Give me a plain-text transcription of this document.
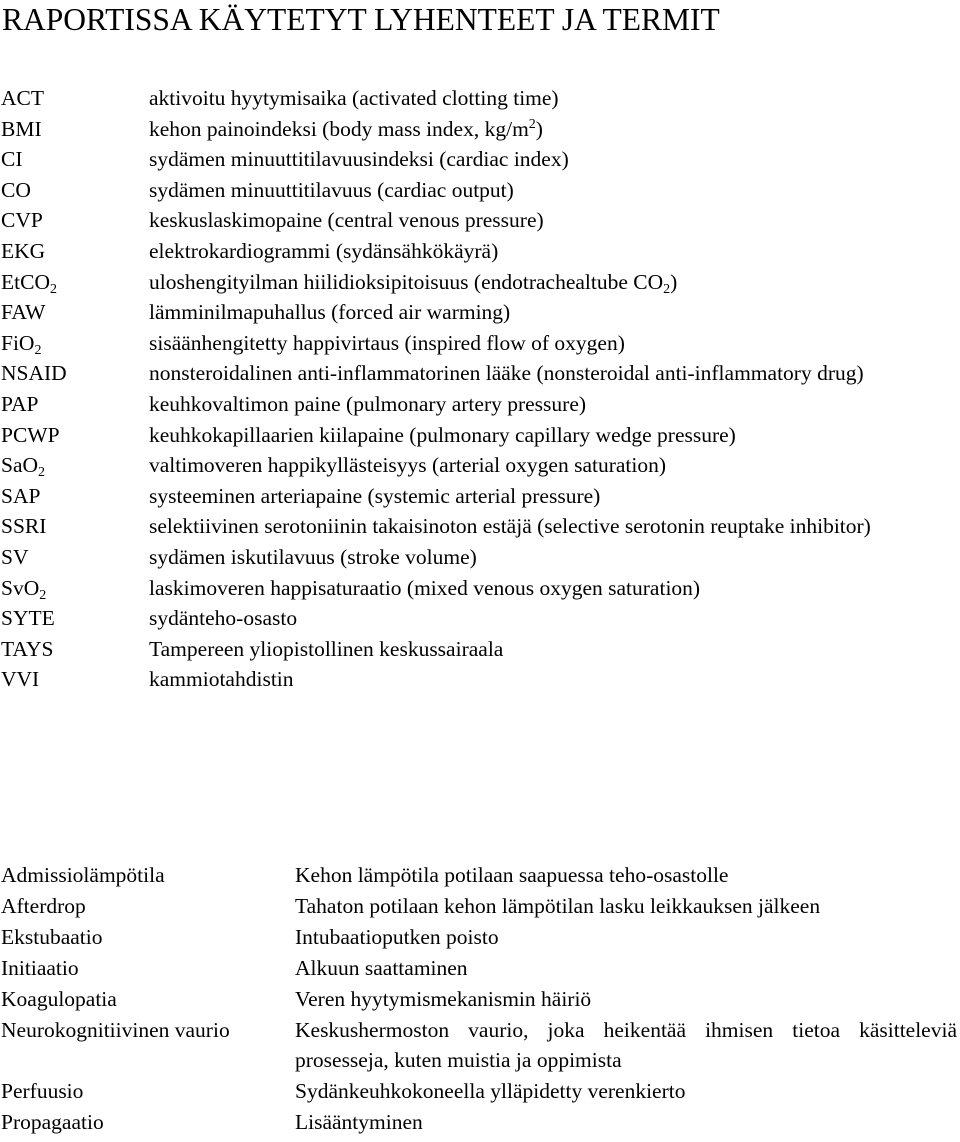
RAPORTISSA KÄYTETYT LYHENTEET JA TERMIT
ACT	aktivoitu hyytymisaika (activated clotting time)
BMI	kehon painoindeksi (body mass index, $kg/m^2$)
CI	sydämen minuuttitilavuusindeksi (cardiac index)
CO	sydämen minuuttitilavuus (cardiac output)
CVP	keskuslaskimopaine (central venous pressure)
EKG	elektrokardiogrammi (sydänsähkökäyrä)
EtCO$_2$	uloshengityilman hiilidioksipitoisuus (endotrachealtube $CO_2$)
FAW	lämminilmapuhallus (forced air warming)
FiO$_2$	sisäänhengitetty happivirtaus (inspired flow of oxygen)
NSAID	nonsteroidalinen anti-inflammatorinen lääke (nonsteroidal anti-inflammatory drug)
PAP	keuhkovaltimon paine (pulmonary artery pressure)
PCWP	keuhkokapillaarien kiilapaine (pulmonary capillary wedge pressure)
SaO$_2$	valtimoveren happikyllästeisyys (arterial oxygen saturation)
SAP	systeeminen arteriapaine (systemic arterial pressure)
SSRI	selektiivinen serotoniinin takaisinoton estäjä (selective serotonin reuptake inhibitor)
SV	sydämen iskutilavuus (stroke volume)
SvO$_2$	laskimoveren happisaturaatio (mixed venous oxygen saturation)
SYTE	sydänteho-osasto
TAYS	Tampereen yliopistollinen keskussairaala
VVI	kammiotahdistin
Admissiolämpötila	Kehon lämpötila potilaan saapuessa teho-osastolle
Afterdrop	Tahaton potilaan kehon lämpötilan lasku leikkauksen jälkeen
Ekstubaatio	Intubaatioputken poisto
Initiaatio	Alkuun saattaminen
Koagulopatia	Veren hyytymismekanismin häiriö
Neurokognitiivinen vaurio	Keskushermoston vaurio, joka heikentää ihmisen tietoa käsitteleviä prosesseja, kuten muistia ja oppimista
Perfuusio	Sydänkeuhkokoneella ylläpidetty verenkierto
Propagaatio	Lisääntyminen
